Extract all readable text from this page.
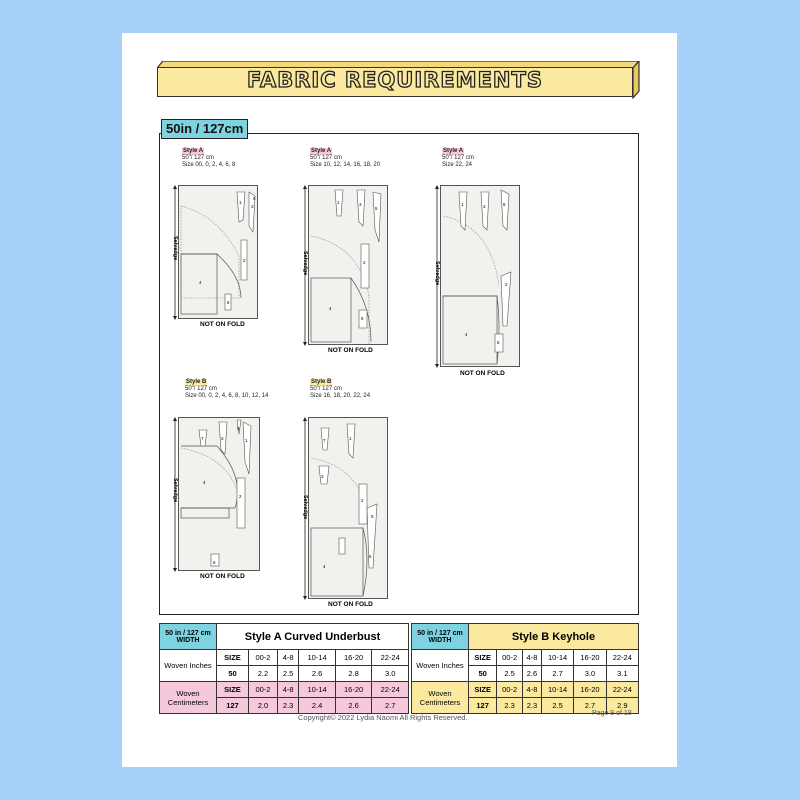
FABRIC REQUIREMENTS
50in / 127cm
Style A
50"/ 127 cm
Size 00, 0, 2, 4, 6, 8
1
3
5
2
4
6
Selvedge
NOT ON FOLD
Style A
50"/ 127 cm
Size 10, 12, 14, 16, 18, 20
1	3
5
2
4
6
Selvedge
NOT ON FOLD
Style A
50"/ 127 cm
Size 22, 24
1	3	5
2
4
6
Selvedge
NOT ON FOLD
Style B
50"/ 127 cm
Size 00, 0, 2, 4, 6, 8, 10, 12, 14
7	3
5
1
2
4
6
Selvedge
NOT ON FOLD
Style B
50"/ 127 cm
Size 16, 18, 20, 22, 24
7
3
1
5
2
4
6
Selvedge
NOT ON FOLD
50 in / 127 cm WIDTH	Style A Curved Underbust					
Woven Inches	SIZE	00-2	4-8	10-14	16-20	22-24
	50	2.2	2.5	2.6	2.8	3.0
Woven Centimeters	SIZE	00-2	4-8	10-14	16-20	22-24
	127	2.0	2.3	2.4	2.6	2.7
50 in / 127 cm WIDTH	Style B Keyhole					
Woven Inches	SIZE	00-2	4-8	10-14	16-20	22-24
	50	2.5	2.6	2.7	3.0	3.1
Woven Centimeters	SIZE	00-2	4-8	10-14	16-20	22-24
	127	2.3	2.3	2.5	2.7	2.9
Copyright© 2022 Lydia Naomi All Rights Reserved.	Page 9 of 18
